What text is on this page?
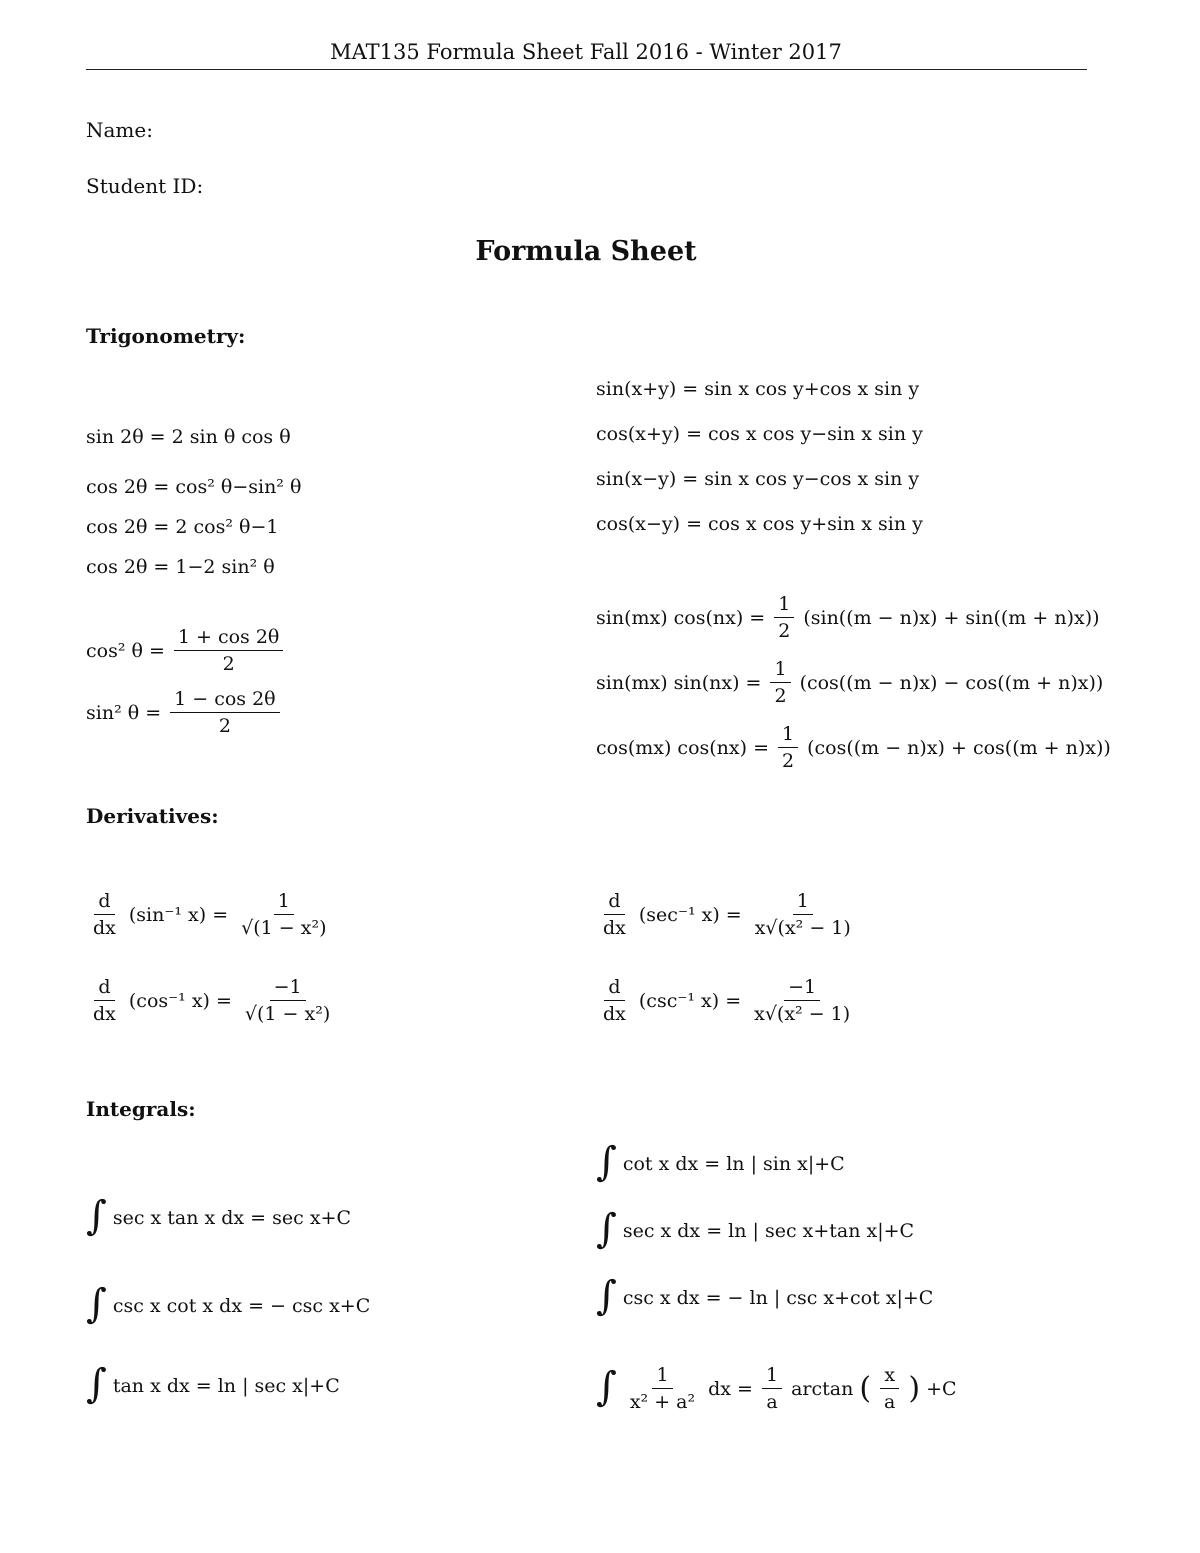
MAT135 Formula Sheet Fall 2016 - Winter 2017
Name:
Student ID:
Formula Sheet
Trigonometry:
sin 2θ = 2 sin θ cos θ
cos 2θ = cos² θ−sin² θ
cos 2θ = 2 cos² θ−1
cos 2θ = 1−2 sin² θ
cos² $\theta = \frac{1 + \cos 2\theta}{2}$
sin² $\theta = \frac{1 - \cos 2\theta}{2}$
sin(x+y) = sin x cos y+cos x sin y
cos(x+y) = cos x cos y−sin x sin y
sin(x−y) = sin x cos y−cos x sin y
cos(x−y) = cos x cos y+sin x sin y
sin(mx) $\cos(nx) = \frac{1}{2} (\sin((m - n)x) + \sin((m + n)x))$
sin(mx) $\sin(nx) = \frac{1}{2} (\cos((m - n)x) - \cos((m + n)x))$
cos(mx) $\cos(nx) = \frac{1}{2} (\cos((m - n)x) + \cos((m + n)x))$
Derivatives:
$\frac{d}{dx} (\sin^{-1}$ $x) = \frac{1}{\text{√(1 − x²)}}$
$\frac{d}{dx} (\cos^{-1}$ $x) = \frac{-1}{\text{√(1 − x²)}}$
$\frac{d}{dx} (\sec^{-1}$ $x) = \frac{1}{\text{x√(x² − 1)}}$
$\frac{d}{dx} (\csc^{-1}$ $x) = \frac{-1}{\text{x√(x² − 1)}}$
Integrals:
∫ sec x tan x dx = sec x+C
∫ csc x cot x dx = − csc x+C
∫ tan x dx = ln | sec x|+C
∫ cot x dx = ln | sin x|+C
∫ sec x dx = ln | sec x+tan x|+C
∫ csc x dx = − ln | csc x+cot x|+C
∫ $\frac{1}{\text{x² + a²}}$ dx = $\frac{1}{a}$ arctan ( $\frac{x}{a}$ ) +C
